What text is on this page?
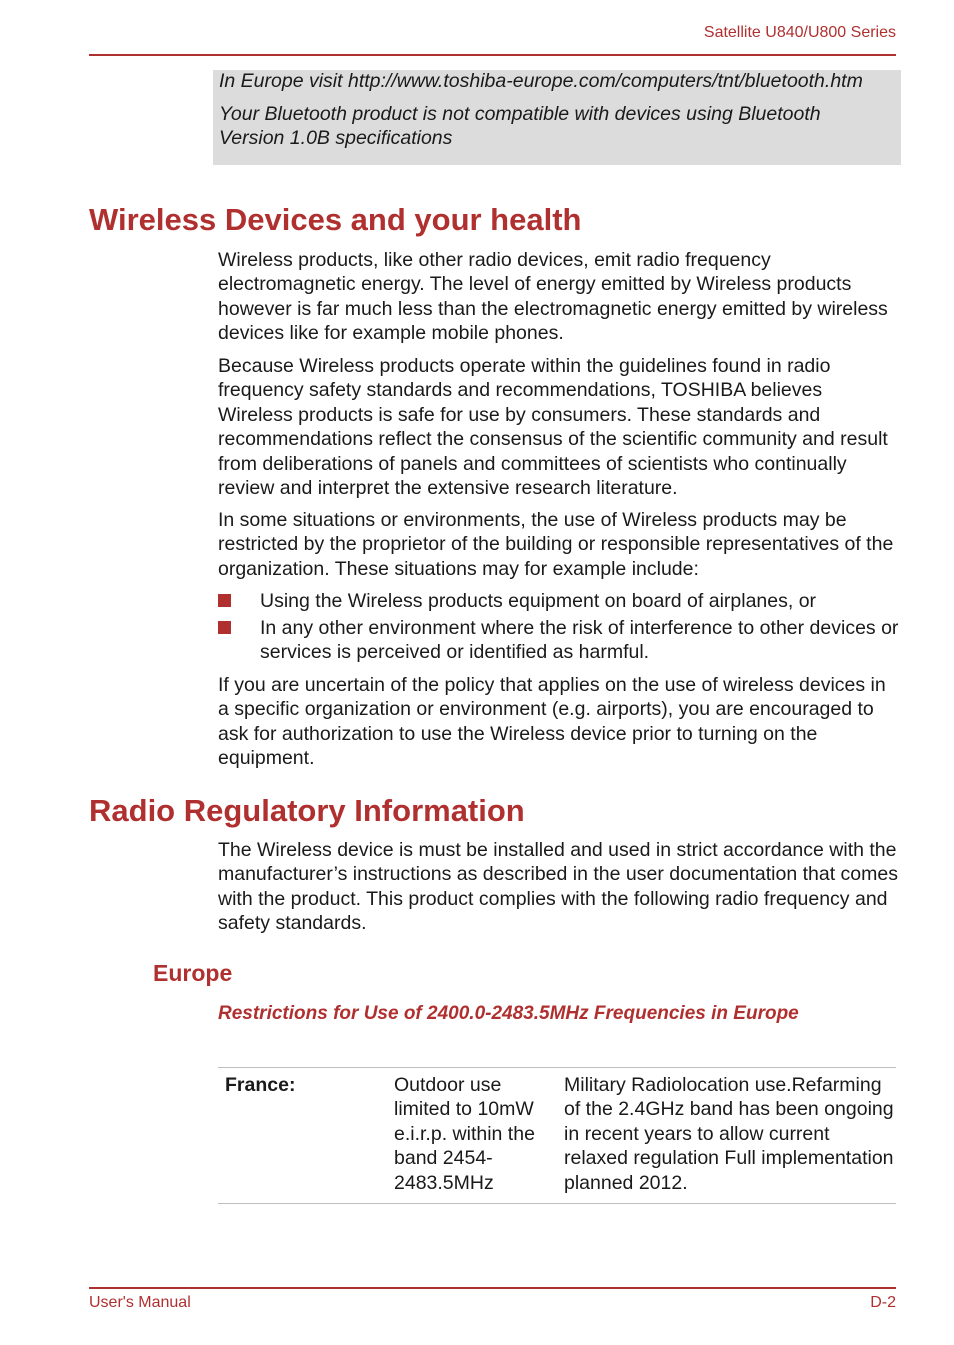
Satellite U840/U800 Series

In Europe visit http://www.toshiba-europe.com/computers/tnt/bluetooth.htm

Your Bluetooth product is not compatible with devices using Bluetooth

Version 1.0B specifications

Wireless Devices and your health

Wireless products, like other radio devices, emit radio frequency electromagnetic energy. The level of energy emitted by Wireless products however is far much less than the electromagnetic energy emitted by wireless devices like for example mobile phones.

Because Wireless products operate within the guidelines found in radio frequency safety standards and recommendations, TOSHIBA believes Wireless products is safe for use by consumers. These standards and recommendations reflect the consensus of the scientific community and result from deliberations of panels and committees of scientists who continually review and interpret the extensive research literature.

In some situations or environments, the use of Wireless products may be restricted by the proprietor of the building or responsible representatives of the organization. These situations may for example include:

Using the Wireless products equipment on board of airplanes, or

In any other environment where the risk of interference to other devices or services is perceived or identified as harmful.

If you are uncertain of the policy that applies on the use of wireless devices in a specific organization or environment (e.g. airports), you are encouraged to ask for authorization to use the Wireless device prior to turning on the equipment.

Radio Regulatory Information

The Wireless device is must be installed and used in strict accordance with the manufacturer’s instructions as described in the user documentation that comes with the product. This product complies with the following radio frequency and safety standards.

Europe
Restrictions for Use of 2400.0-2483.5MHz Frequencies in Europe

France:	Outdoor use limited to 10mW e.i.r.p. within the band 2454-2483.5MHz

Military Radiolocation use.Refarming of the 2.4GHz band has been ongoing in recent years to allow current relaxed regulation Full implementation planned 2012.

User's Manual	D-2
